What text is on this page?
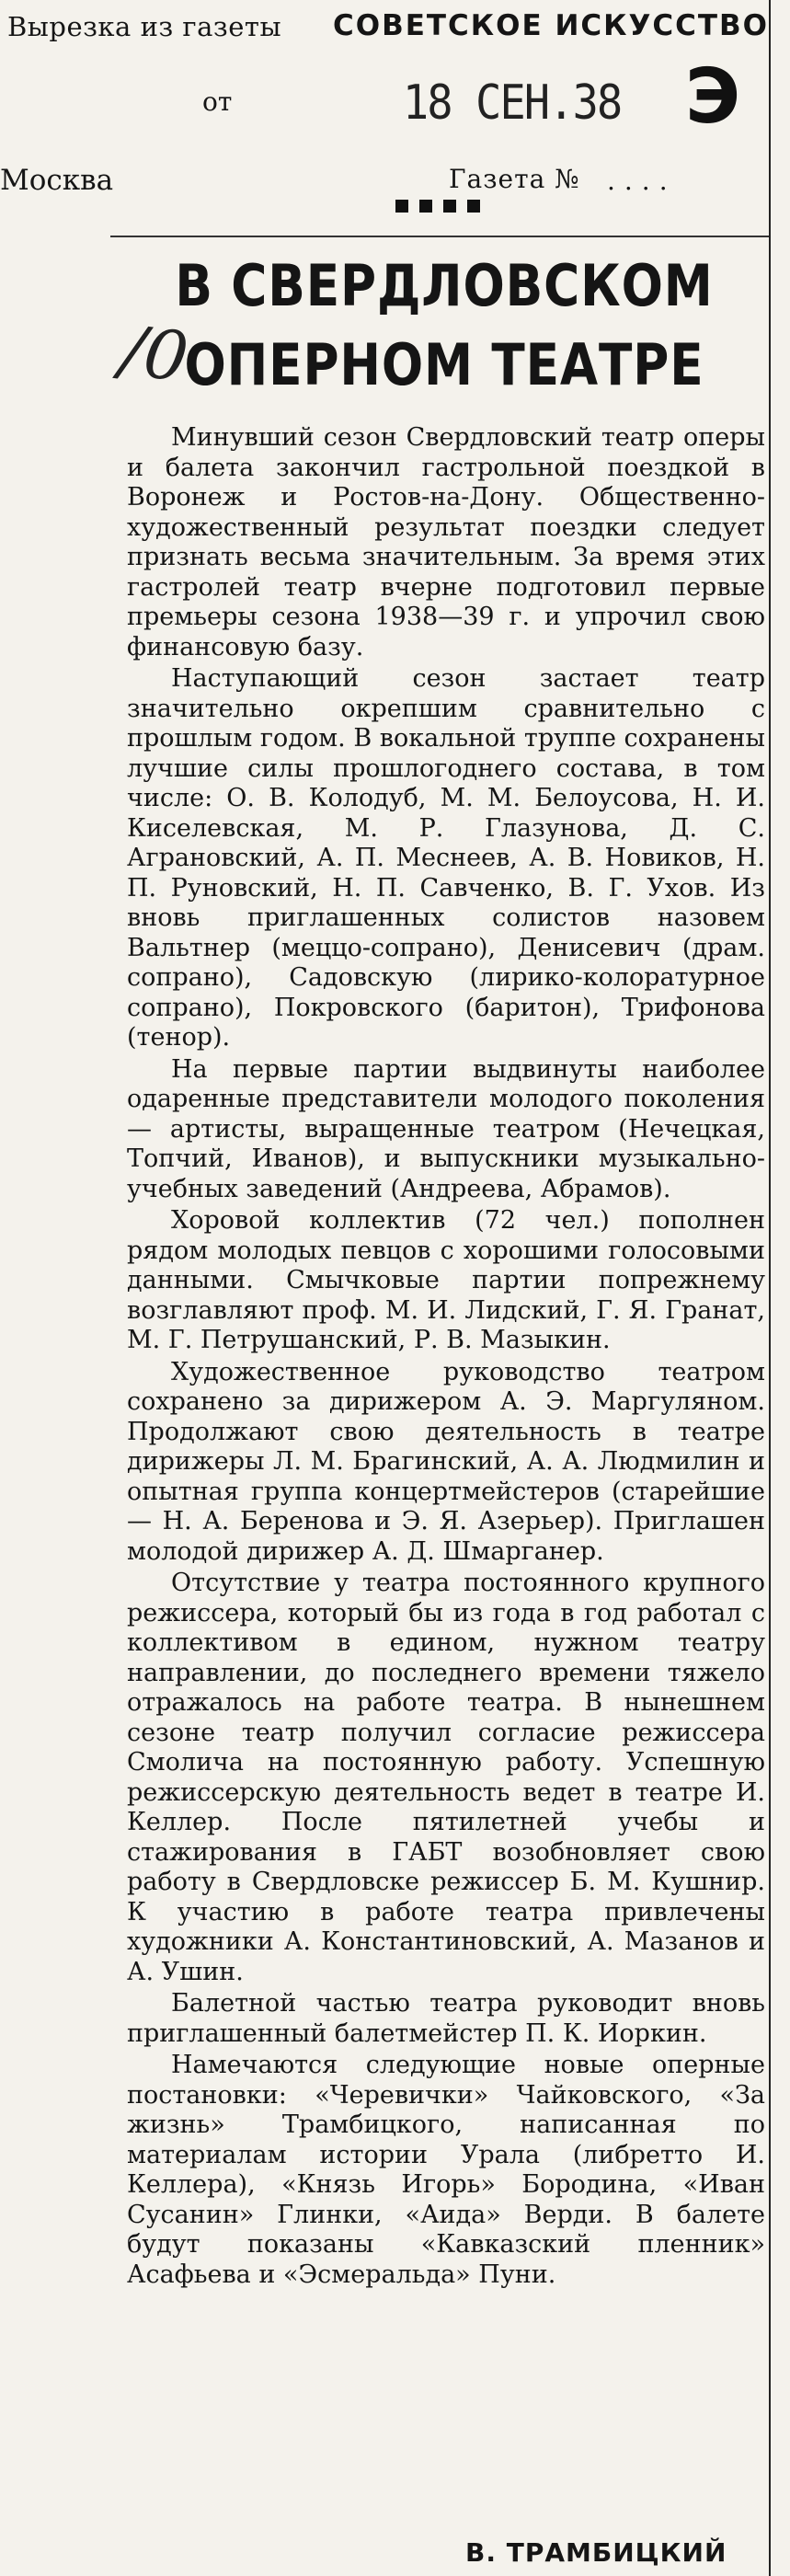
Вырезка из газеты СОВЕТСКОЕ ИСКУССТВО
от	18 СЕН.38 Э
Москва	Газета № ....
В СВЕРДЛОВСКОМ
ОПЕРНОМ ТЕАТРЕ
/0

Минувший сезон Свердловский театр оперы и балета закончил гастрольной поездкой в Воронеж и Ростов-на-Дону. Общественно-художественный результат поездки следует признать весьма значительным. За время этих гастролей театр вчерне подготовил первые премьеры сезона 1938—39 г. и упрочил свою финансовую базу.

Наступающий сезон застает театр значительно окрепшим сравнительно с прошлым годом. В вокальной труппе сохранены лучшие силы прошлогоднего состава, в том числе: О. В. Колодуб, М. М. Белоусова, Н. И. Киселевская, М. Р. Глазунова, Д. С. Аграновский, А. П. Меснеев, А. В. Новиков, Н. П. Руновский, Н. П. Савченко, В. Г. Ухов. Из вновь приглашенных солистов назовем Вальтнер (меццо-сопрано), Денисевич (драм. сопрано), Садовскую (лирико-колоратурное сопрано), Покровского (баритон), Трифонова (тенор).

На первые партии выдвинуты наиболее одаренные представители молодого поколения — артисты, выращенные театром (Нечецкая, Топчий, Иванов), и выпускники музыкально-учебных заведений (Андреева, Абрамов).

Хоровой коллектив (72 чел.) пополнен рядом молодых певцов с хорошими голосовыми данными. Смычковые партии попрежнему возглавляют проф. М. И. Лидский, Г. Я. Гранат, М. Г. Петрушанский, Р. В. Мазыкин.

Художественное руководство театром сохранено за дирижером А. Э. Маргуляном. Продолжают свою деятельность в театре дирижеры Л. М. Брагинский, А. А. Людмилин и опытная группа концертмейстеров (старейшие — Н. А. Беренова и Э. Я. Азерьер). Приглашен молодой дирижер А. Д. Шмарганер.

Отсутствие у театра постоянного крупного режиссера, который бы из года в год работал с коллективом в едином, нужном театру направлении, до последнего времени тяжело отражалось на работе театра. В нынешнем сезоне театр получил согласие режиссера Смолича на постоянную работу. Успешную режиссерскую деятельность ведет в театре И. Келлер. После пятилетней учебы и стажирования в ГАБТ возобновляет свою работу в Свердловске режиссер Б. М. Кушнир. К участию в работе театра привлечены художники А. Константиновский, А. Мазанов и А. Ушин.

Балетной частью театра руководит вновь приглашенный балетмейстер П. К. Иоркин.

Намечаются следующие новые оперные постановки: «Черевички» Чайковского, «За жизнь» Трамбицкого, написанная по материалам истории Урала (либретто И. Келлера), «Князь Игорь» Бородина, «Иван Сусанин» Глинки, «Аида» Верди. В балете будут показаны «Кавказский пленник» Асафьева и «Эсмеральда» Пуни.

В. ТРАМБИЦКИЙ
